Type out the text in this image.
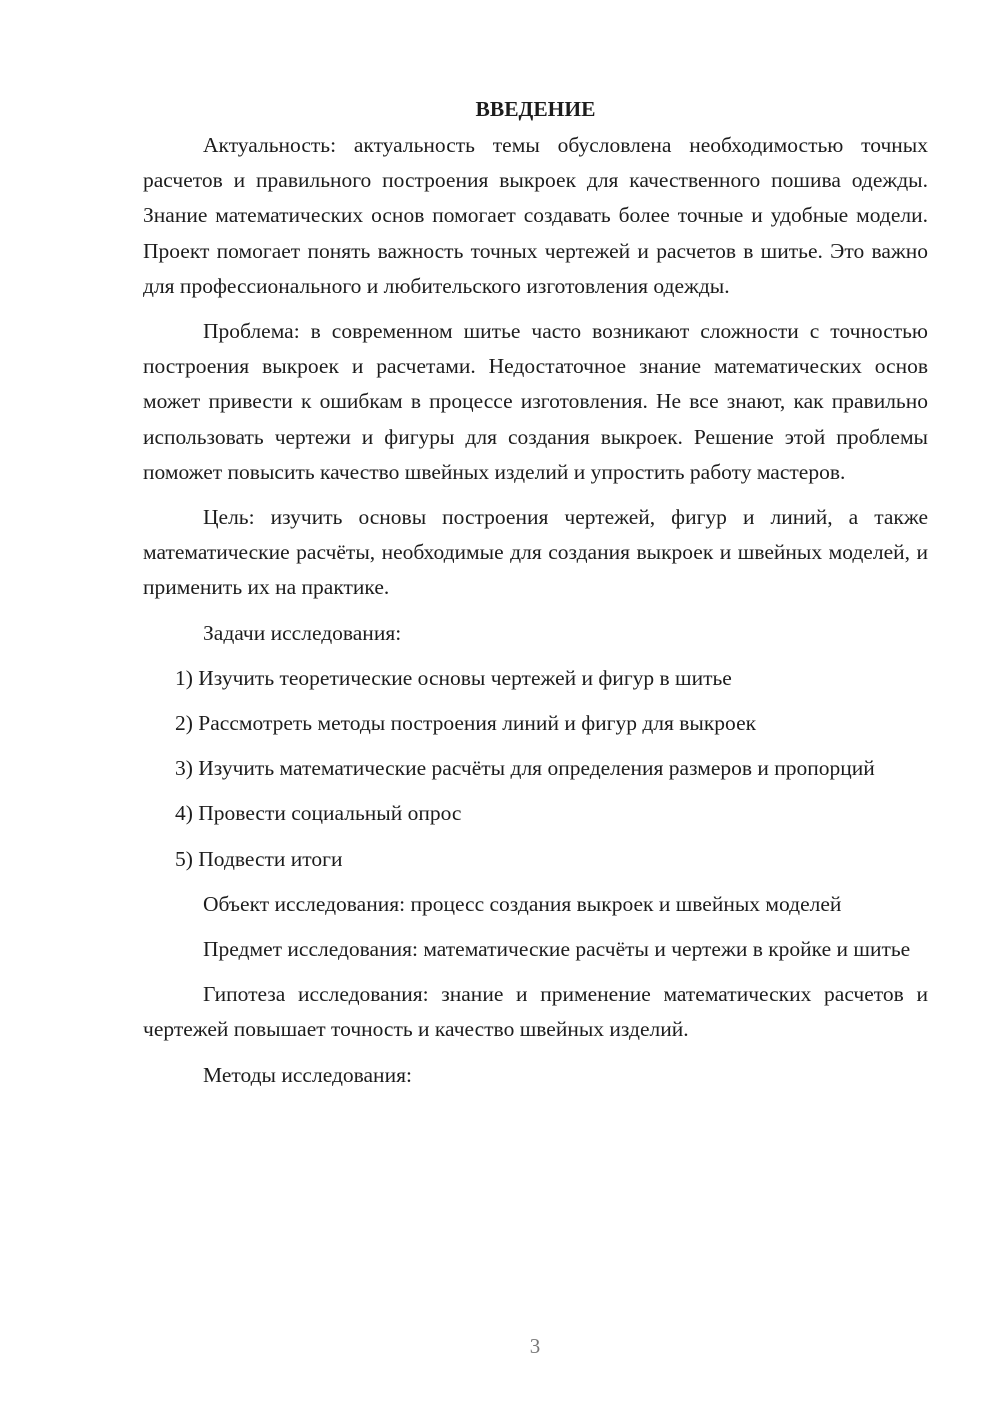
ВВЕДЕНИЕ

Актуальность: актуальность темы обусловлена необходимостью точных расчетов и правильного построения выкроек для качественного пошива одежды. Знание математических основ помогает создавать более точные и удобные модели. Проект помогает понять важность точных чертежей и расчетов в шитье. Это важно для профессионального и любительского изготовления одежды.

Проблема: в современном шитье часто возникают сложности с точностью построения выкроек и расчетами. Недостаточное знание математических основ может привести к ошибкам в процессе изготовления. Не все знают, как правильно использовать чертежи и фигуры для создания выкроек. Решение этой проблемы поможет повысить качество швейных изделий и упростить работу мастеров.

Цель: изучить основы построения чертежей, фигур и линий, а также математические расчёты, необходимые для создания выкроек и швейных моделей, и применить их на практике.

Задачи исследования:

1) Изучить теоретические основы чертежей и фигур в шитье

2) Рассмотреть методы построения линий и фигур для выкроек

3) Изучить математические расчёты для определения размеров и пропорций

4) Провести социальный опрос

5) Подвести итоги

Объект исследования: процесс создания выкроек и швейных моделей

Предмет исследования: математические расчёты и чертежи в кройке и шитье

Гипотеза исследования: знание и применение математических расчетов и чертежей повышает точность и качество швейных изделий.

Методы исследования:

3
